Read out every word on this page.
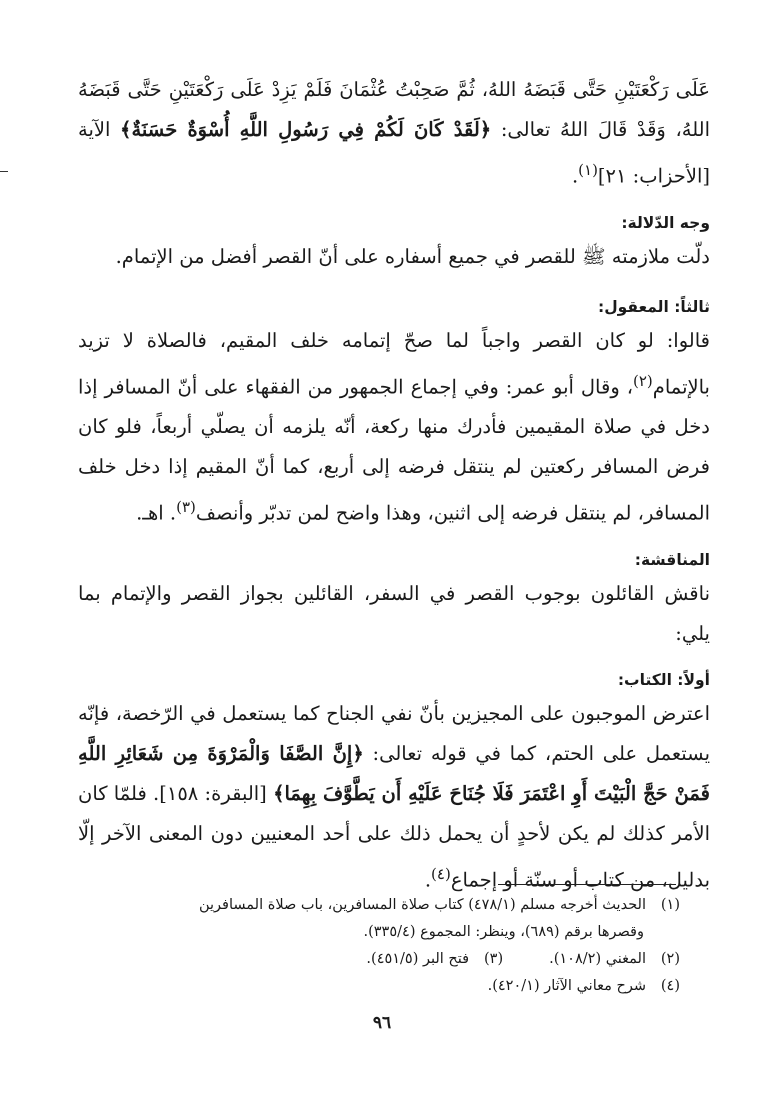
عَلَى رَكْعَتَيْنِ حَتَّى قَبَضَهُ اللهُ، ثُمَّ صَحِبْتُ عُثْمَانَ فَلَمْ يَزِدْ عَلَى رَكْعَتَيْنِ حَتَّى قَبَضَهُ اللهُ، وَقَدْ قَالَ اللهُ تعالى: ﴿لَقَدْ كَانَ لَكُمْ فِي رَسُولِ اللَّهِ أُسْوَةٌ حَسَنَةٌ﴾ الآية [الأحزاب: ٢١]$^{(١)}$.

وجه الدّلالة:

دلّت ملازمته ﷺ للقصر في جميع أسفاره على أنّ القصر أفضل من الإتمام.

ثالثاً: المعقول:

قالوا: لو كان القصر واجباً لما صحّ إتمامه خلف المقيم، فالصلاة لا تزيد بالإتمام$^{(٢)}$، وقال أبو عمر: وفي إجماع الجمهور من الفقهاء على أنّ المسافر إذا دخل في صلاة المقيمين فأدرك منها ركعة، أنّه يلزمه أن يصلّي أربعاً، فلو كان فرض المسافر ركعتين لم ينتقل فرضه إلى أربع، كما أنّ المقيم إذا دخل خلف المسافر، لم ينتقل فرضه إلى اثنين، وهذا واضح لمن تدبّر وأنصف$^{(٣)}$. اهـ.

المناقشة:

ناقش القائلون بوجوب القصر في السفر، القائلين بجواز القصر والإتمام بما يلي:

أولاً: الكتاب:

اعترض الموجبون على المجيزين بأنّ نفي الجناح كما يستعمل في الرّخصة، فإنّه يستعمل على الحتم، كما في قوله تعالى: ﴿إِنَّ الصَّفَا وَالْمَرْوَةَ مِن شَعَائِرِ اللَّهِ فَمَنْ حَجَّ الْبَيْتَ أَوِ اعْتَمَرَ فَلَا جُنَاحَ عَلَيْهِ أَن يَطَّوَّفَ بِهِمَا﴾ [البقرة: ١٥٨]. فلمّا كان الأمر كذلك لم يكن لأحدٍ أن يحمل ذلك على أحد المعنيين دون المعنى الآخر إلّا بدليل، من كتاب أو سنّة أو إجماع$^{(٤)}$.

(١)الحديث أخرجه مسلم (٤٧٨/١) كتاب صلاة المسافرين، باب صلاة المسافرين
وقصرها برقم (٦٨٩)، وينظر: المجموع (٣٣٥/٤).
(٢)المغني (١٠٨/٢).(٣)فتح البر (٤٥١/٥).
(٤)شرح معاني الآثار (٤٢٠/١).
٩٦
